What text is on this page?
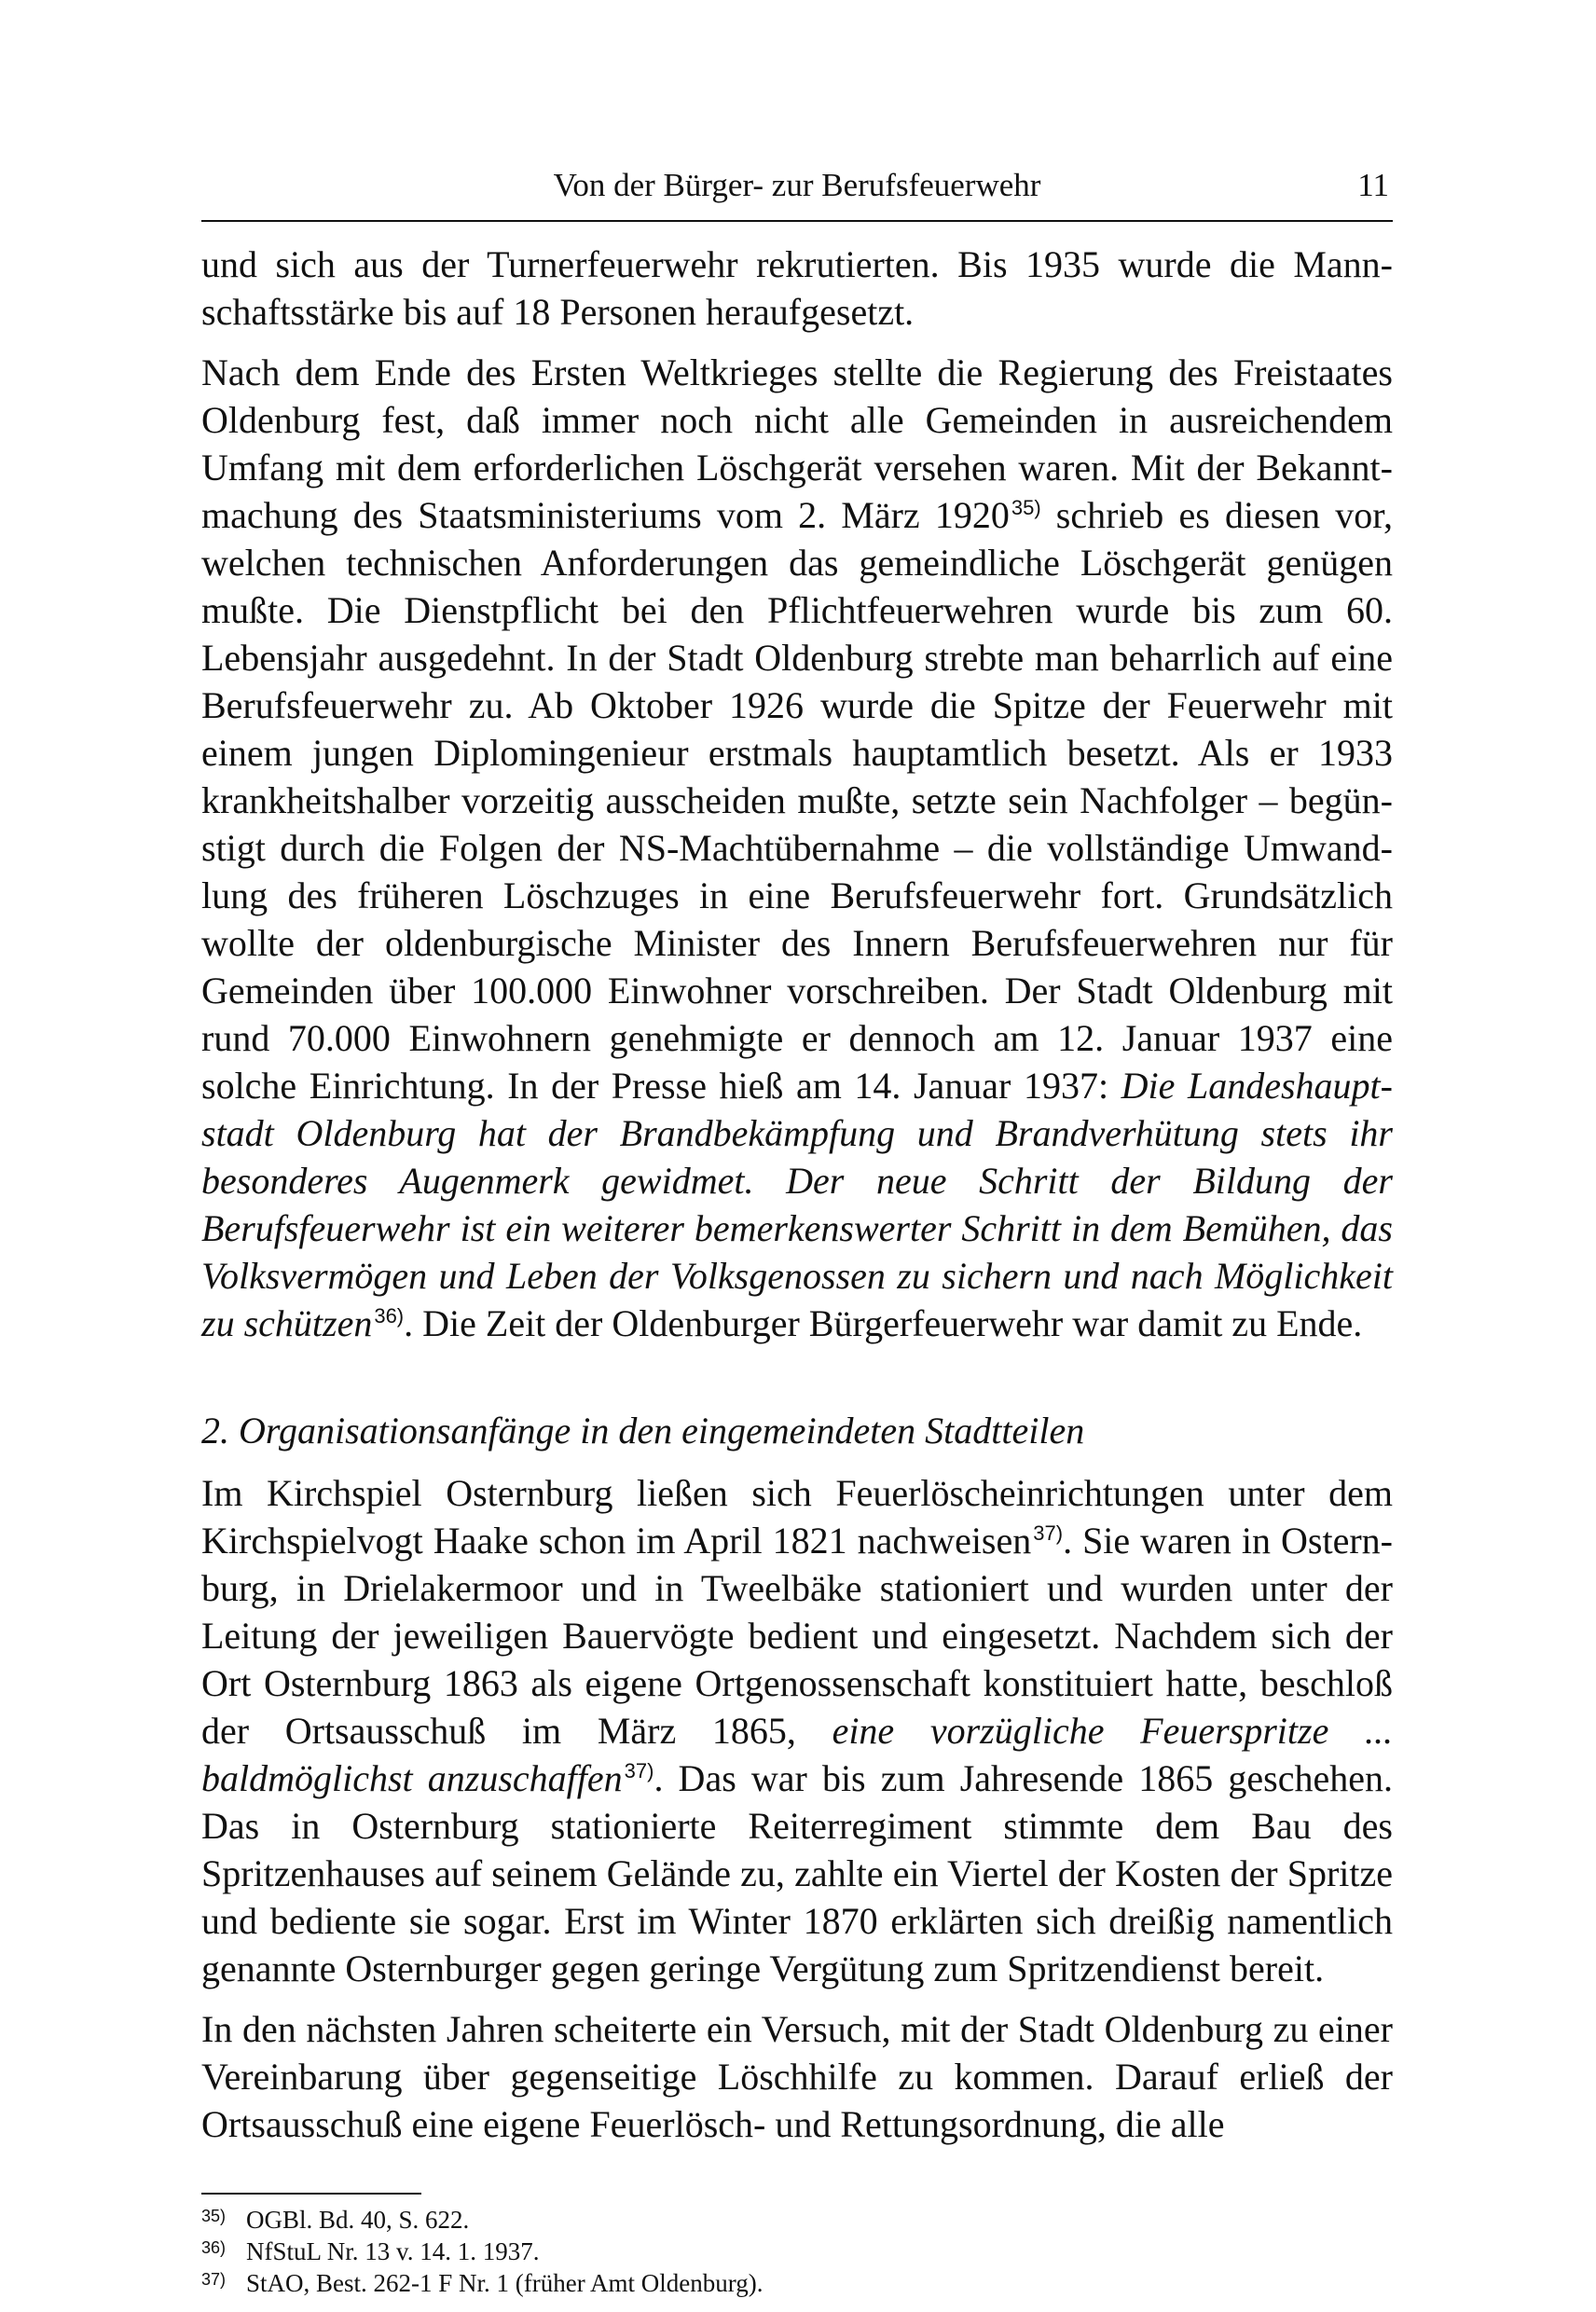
Von der Bürger- zur Berufsfeuerwehr	11

und sich aus der Turnerfeuerwehr rekrutierten. Bis 1935 wurde die Mannschaftsstärke bis auf 18 Personen heraufgesetzt.

Nach dem Ende des Ersten Weltkrieges stellte die Regierung des Freistaates Oldenburg fest, daß immer noch nicht alle Gemeinden in ausreichendem Umfang mit dem erforderlichen Löschgerät versehen waren. Mit der Bekanntmachung des Staatsministeriums vom 2. März 1920$^{35)}$ schrieb es diesen vor, welchen technischen Anforderungen das gemeindliche Löschgerät genügen mußte. Die Dienstpflicht bei den Pflichtfeuerwehren wurde bis zum 60. Lebensjahr ausgedehnt. In der Stadt Oldenburg strebte man beharrlich auf eine Berufsfeuerwehr zu. Ab Oktober 1926 wurde die Spitze der Feuerwehr mit einem jungen Diplomingenieur erstmals hauptamtlich besetzt. Als er 1933 krankheitshalber vorzeitig ausscheiden mußte, setzte sein Nachfolger – begünstigt durch die Folgen der NS-Machtübernahme – die vollständige Umwandlung des früheren Löschzuges in eine Berufsfeuerwehr fort. Grundsätzlich wollte der oldenburgische Minister des Innern Berufsfeuerwehren nur für Gemeinden über 100.000 Einwohner vorschreiben. Der Stadt Oldenburg mit rund 70.000 Einwohnern genehmigte er dennoch am 12. Januar 1937 eine solche Einrichtung. In der Presse hieß am 14. Januar 1937: Die Landeshauptstadt Oldenburg hat der Brandbekämpfung und Brandverhütung stets ihr besonderes Augenmerk gewidmet. Der neue Schritt der Bildung der Berufsfeuerwehr ist ein weiterer bemerkenswerter Schritt in dem Bemühen, das Volksvermögen und Leben der Volksgenossen zu sichern und nach Möglichkeit zu schützen$^{36)}$. Die Zeit der Oldenburger Bürgerfeuerwehr war damit zu Ende.

2. Organisationsanfänge in den eingemeindeten Stadtteilen

Im Kirchspiel Osternburg ließen sich Feuerlöscheinrichtungen unter dem Kirchspielvogt Haake schon im April 1821 nachweisen$^{37)}$. Sie waren in Osternburg, in Drielakermoor und in Tweelbäke stationiert und wurden unter der Leitung der jeweiligen Bauervögte bedient und eingesetzt. Nachdem sich der Ort Osternburg 1863 als eigene Ortgenossenschaft konstituiert hatte, beschloß der Ortsausschuß im März 1865, eine vorzügliche Feuerspritze ... baldmöglichst anzuschaffen$^{37)}$. Das war bis zum Jahresende 1865 geschehen. Das in Osternburg stationierte Reiterregiment stimmte dem Bau des Spritzenhauses auf seinem Gelände zu, zahlte ein Viertel der Kosten der Spritze und bediente sie sogar. Erst im Winter 1870 erklärten sich dreißig namentlich genannte Osternburger gegen geringe Vergütung zum Spritzendienst bereit.

In den nächsten Jahren scheiterte ein Versuch, mit der Stadt Oldenburg zu einer Vereinbarung über gegenseitige Löschhilfe zu kommen. Darauf erließ der Ortsausschuß eine eigene Feuerlösch- und Rettungsordnung, die alle

35) OGBl. Bd. 40, S. 622.
36) NfStuL Nr. 13 v. 14. 1. 1937.
37) StAO, Best. 262-1 F Nr. 1 (früher Amt Oldenburg).
